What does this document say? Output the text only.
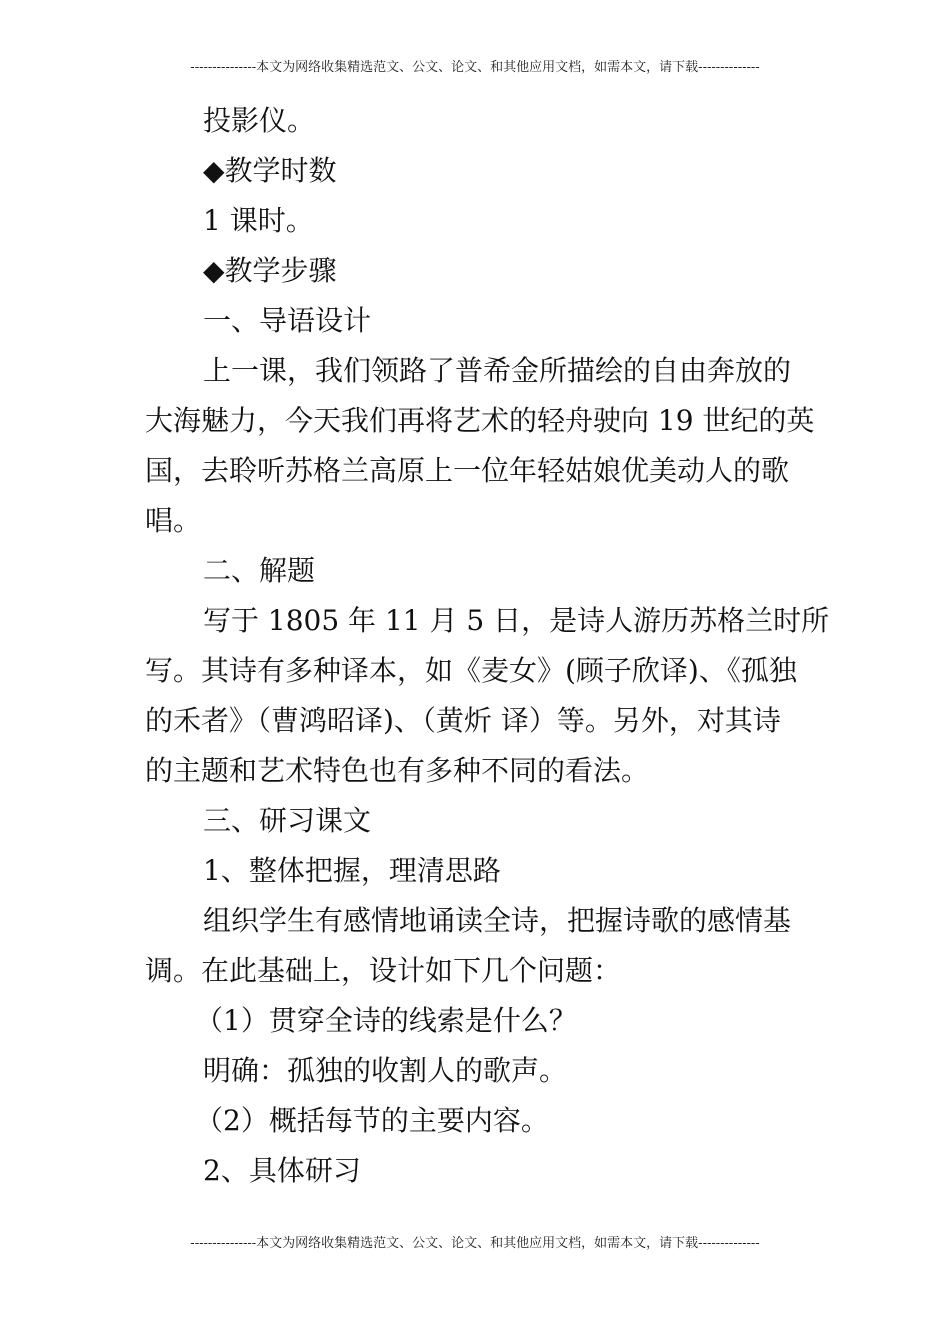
---------------本文为网络收集精选范文、公文、论文、和其他应用文档，如需本文，请下载--------------
投影仪。
◆教学时数
1 课时。
◆教学步骤
一、导语设计
上一课，我们领路了普希金所描绘的自由奔放的
大海魅力，今天我们再将艺术的轻舟驶向 19 世纪的英
国，去聆听苏格兰高原上一位年轻姑娘优美动人的歌
唱。
二、解题
写于 1805 年 11 月 5 日，是诗人游历苏格兰时所
写。其诗有多种译本，如《麦女》(顾子欣译)、《孤独
的禾者》（曹鸿昭译)、（黄炘 译）等。另外，对其诗
的主题和艺术特色也有多种不同的看法。
三、研习课文
1、整体把握，理清思路
组织学生有感情地诵读全诗，把握诗歌的感情基
调。在此基础上，设计如下几个问题：
（1）贯穿全诗的线索是什么？
明确：孤独的收割人的歌声。
（2）概括每节的主要内容。
2、具体研习
---------------本文为网络收集精选范文、公文、论文、和其他应用文档，如需本文，请下载--------------
